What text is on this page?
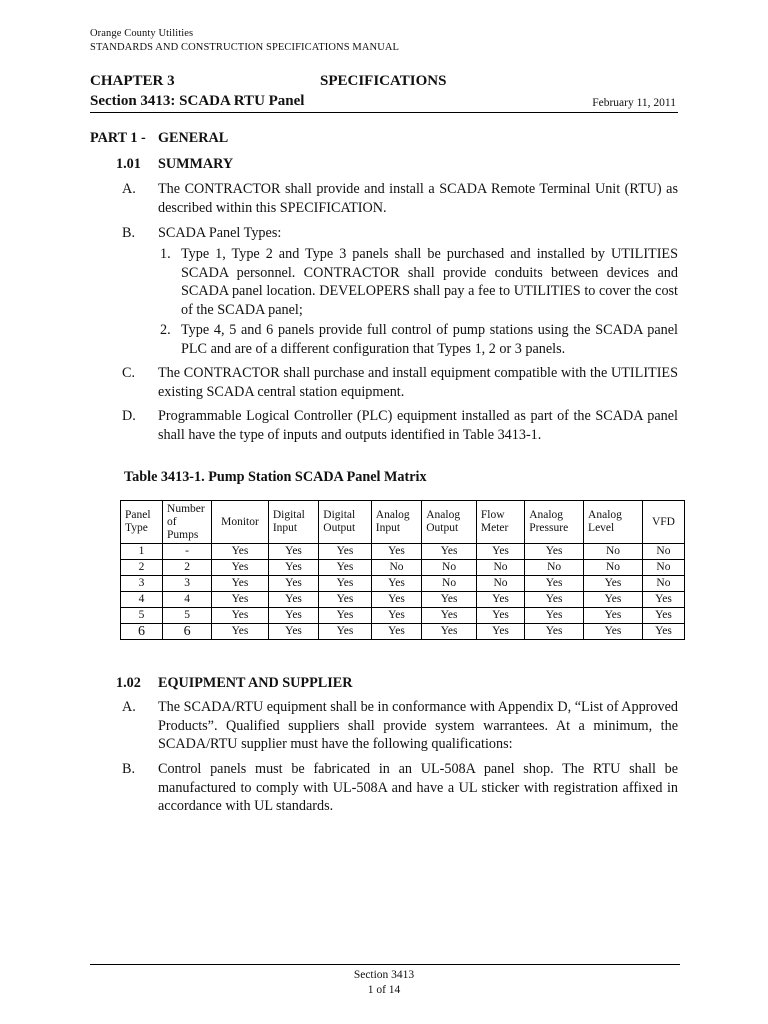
Orange County Utilities
STANDARDS AND CONSTRUCTION SPECIFICATIONS MANUAL
CHAPTER 3	SPECIFICATIONS
Section 3413: SCADA RTU Panel	February 11, 2011
PART 1 - GENERAL
1.01 SUMMARY
A. The CONTRACTOR shall provide and install a SCADA Remote Terminal Unit (RTU) as described within this SPECIFICATION.
B. SCADA Panel Types:
1. Type 1, Type 2 and Type 3 panels shall be purchased and installed by UTILITIES SCADA personnel. CONTRACTOR shall provide conduits between devices and SCADA panel location. DEVELOPERS shall pay a fee to UTILITIES to cover the cost of the SCADA panel;
2. Type 4, 5 and 6 panels provide full control of pump stations using the SCADA panel PLC and are of a different configuration that Types 1, 2 or 3 panels.
C. The CONTRACTOR shall purchase and install equipment compatible with the UTILITIES existing SCADA central station equipment.
D. Programmable Logical Controller (PLC) equipment installed as part of the SCADA panel shall have the type of inputs and outputs identified in Table 3413-1.
Table 3413-1. Pump Station SCADA Panel Matrix
Panel Type	Number of Pumps	Monitor	Digital Input	Digital Output	Analog Input	Analog Output	Flow Meter	Analog Pressure	Analog Level	VFD
1	-	Yes	Yes	Yes	Yes	Yes	Yes	Yes	No	No
2	2	Yes	Yes	Yes	No	No	No	No	No	No
3	3	Yes	Yes	Yes	Yes	No	No	Yes	Yes	No
4	4	Yes	Yes	Yes	Yes	Yes	Yes	Yes	Yes	Yes
5	5	Yes	Yes	Yes	Yes	Yes	Yes	Yes	Yes	Yes
6	6	Yes	Yes	Yes	Yes	Yes	Yes	Yes	Yes	Yes
1.02 EQUIPMENT AND SUPPLIER
A. The SCADA/RTU equipment shall be in conformance with Appendix D, “List of Approved Products”. Qualified suppliers shall provide system warrantees. At a minimum, the SCADA/RTU supplier must have the following qualifications:
B. Control panels must be fabricated in an UL-508A panel shop. The RTU shall be manufactured to comply with UL-508A and have a UL sticker with registration affixed in accordance with UL standards.
Section 3413
1 of 14
